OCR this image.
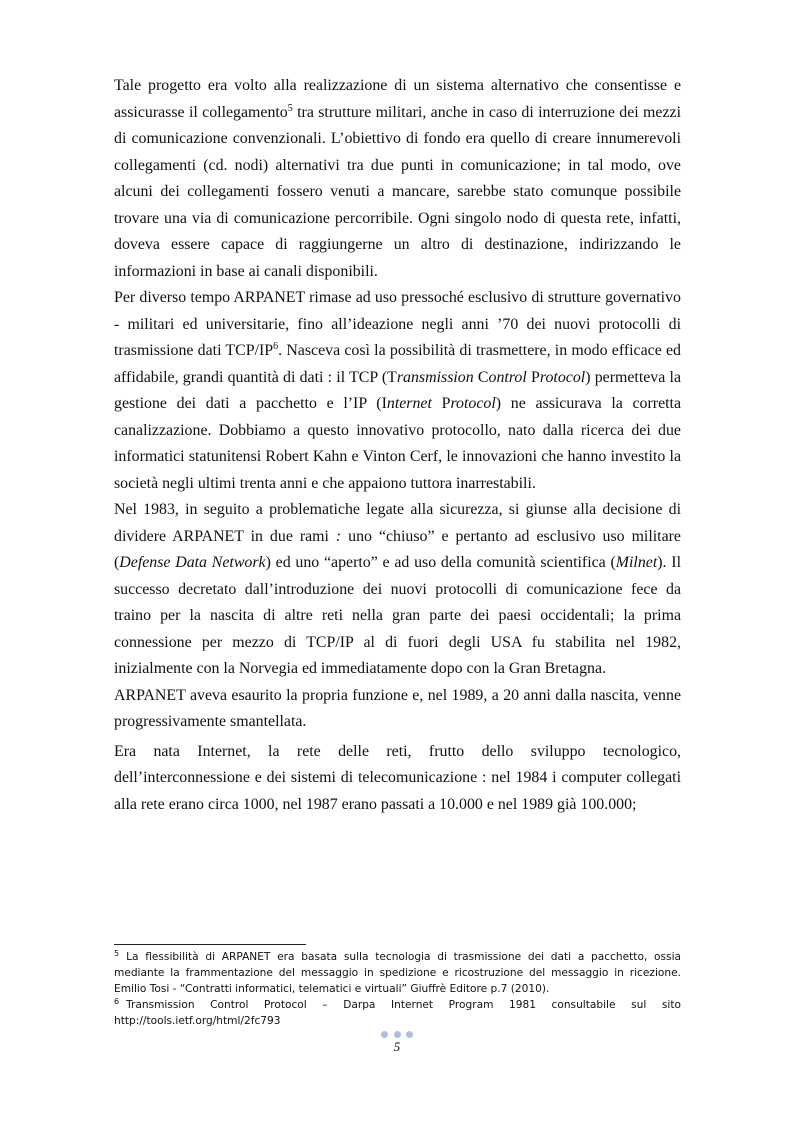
Tale progetto era volto alla realizzazione di un sistema alternativo che consentisse e assicurasse il collegamento$^5$ tra strutture militari, anche in caso di interruzione dei mezzi di comunicazione convenzionali. L’obiettivo di fondo era quello di creare innumerevoli collegamenti (cd. nodi) alternativi tra due punti in comunicazione; in tal modo, ove alcuni dei collegamenti fossero venuti a mancare, sarebbe stato comunque possibile trovare una via di comunicazione percorribile. Ogni singolo nodo di questa rete, infatti, doveva essere capace di raggiungerne un altro di destinazione, indirizzando le informazioni in base ai canali disponibili.

Per diverso tempo ARPANET rimase ad uso pressoché esclusivo di strutture governativo - militari ed universitarie, fino all’ideazione negli anni ’70 dei nuovi protocolli di trasmissione dati TCP/$IP^6$. Nasceva così la possibilità di trasmettere, in modo efficace ed affidabile, grandi quantità di dati : il TCP (Transmission Control Protocol) permetteva la gestione dei dati a pacchetto e l’IP (Internet Protocol) ne assicurava la corretta canalizzazione. Dobbiamo a questo innovativo protocollo, nato dalla ricerca dei due informatici statunitensi Robert Kahn e Vinton Cerf, le innovazioni che hanno investito la società negli ultimi trenta anni e che appaiono tuttora inarrestabili.

Nel 1983, in seguito a problematiche legate alla sicurezza, si giunse alla decisione di dividere ARPANET in due rami : uno “chiuso” e pertanto ad esclusivo uso militare (Defense Data Network) ed uno “aperto” e ad uso della comunità scientifica (Milnet). Il successo decretato dall’introduzione dei nuovi protocolli di comunicazione fece da traino per la nascita di altre reti nella gran parte dei paesi occidentali; la prima connessione per mezzo di TCP/IP al di fuori degli USA fu stabilita nel 1982, inizialmente con la Norvegia ed immediatamente dopo con la Gran Bretagna.

ARPANET aveva esaurito la propria funzione e, nel 1989, a 20 anni dalla nascita, venne progressivamente smantellata.

Era nata Internet, la rete delle reti, frutto dello sviluppo tecnologico, dell’interconnessione e dei sistemi di telecomunicazione : nel 1984 i computer collegati alla rete erano circa 1000, nel 1987 erano passati a 10.000 e nel 1989 già 100.000;

$^5$ La flessibilità di ARPANET era basata sulla tecnologia di trasmissione dei dati a pacchetto, ossia mediante la frammentazione del messaggio in spedizione e ricostruzione del messaggio in ricezione. Emilio Tosi - “Contratti informatici, telematici e virtuali” Giuffrè Editore p.7 (2010).

$^6$ Transmission Control Protocol – Darpa Internet Program 1981 consultabile sul sito http://tools.ietf.org/html/2fc793

5
